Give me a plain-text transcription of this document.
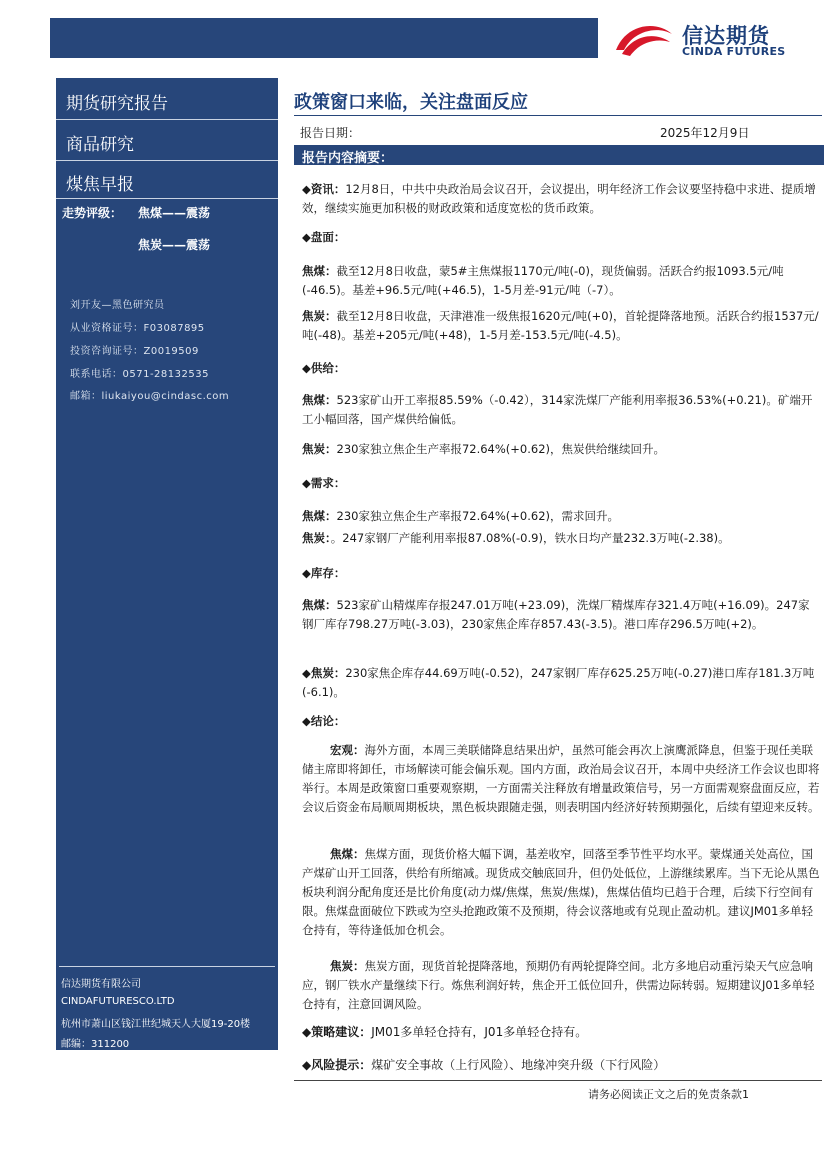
信达期货
CINDA FUTURES
期货研究报告
商品研究
煤焦早报
走势评级： 焦煤——震荡
焦炭——震荡
刘开友—黑色研究员
从业资格证号：F03087895
投资咨询证号：Z0019509
联系电话：0571-28132535
邮箱：liukaiyou@cindasc.com
信达期货有限公司
CINDAFUTURESCO.LTD
杭州市萧山区钱江世纪城天人大厦19-20楼
邮编：311200
政策窗口来临，关注盘面反应
报告日期：	2025年12月9日
报告内容摘要：
◆资讯：12月8日，中共中央政治局会议召开，会议提出，明年经济工作会议要坚持稳中求进、提质增效，继续实施更加积极的财政政策和适度宽松的货币政策。
◆盘面：
焦煤：截至12月8日收盘，蒙5#主焦煤报1170元/吨(-0)，现货偏弱。活跃合约报1093.5元/吨(-46.5)。基差+96.5元/吨(+46.5)，1-5月差-91元/吨（-7）。
焦炭：截至12月8日收盘，天津港准一级焦报1620元/吨(+0)，首轮提降落地预。活跃合约报1537元/吨(-48)。基差+205元/吨(+48)，1-5月差-153.5元/吨(-4.5)。
◆供给：
焦煤：523家矿山开工率报85.59%（-0.42），314家洗煤厂产能利用率报36.53%(+0.21)。矿端开工小幅回落，国产煤供给偏低。
焦炭：230家独立焦企生产率报72.64%(+0.62)，焦炭供给继续回升。
◆需求：
焦煤：230家独立焦企生产率报72.64%(+0.62)，需求回升。
焦炭：。247家钢厂产能利用率报87.08%(-0.9)，铁水日均产量232.3万吨(-2.38)。
◆库存：
焦煤：523家矿山精煤库存报247.01万吨(+23.09)，洗煤厂精煤库存321.4万吨(+16.09)。247家钢厂库存798.27万吨(-3.03)，230家焦企库存857.43(-3.5)。港口库存296.5万吨(+2)。
◆焦炭：230家焦企库存44.69万吨(-0.52)，247家钢厂库存625.25万吨(-0.27)港口库存181.3万吨(-6.1)。
◆结论：
宏观：海外方面，本周三美联储降息结果出炉，虽然可能会再次上演鹰派降息，但鉴于现任美联储主席即将卸任，市场解读可能会偏乐观。国内方面，政治局会议召开，本周中央经济工作会议也即将举行。本周是政策窗口重要观察期，一方面需关注释放有增量政策信号，另一方面需观察盘面反应，若会议后资金布局顺周期板块，黑色板块跟随走强，则表明国内经济好转预期强化，后续有望迎来反转。
焦煤：焦煤方面，现货价格大幅下调，基差收窄，回落至季节性平均水平。蒙煤通关处高位，国产煤矿山开工回落，供给有所缩减。现货成交触底回升，但仍处低位，上游继续累库。当下无论从黑色板块利润分配角度还是比价角度(动力煤/焦煤，焦炭/焦煤)，焦煤估值均已趋于合理，后续下行空间有限。焦煤盘面破位下跌或为空头抢跑政策不及预期，待会议落地或有兑现止盈动机。建议JM01多单轻仓持有，等待逢低加仓机会。
焦炭：焦炭方面，现货首轮提降落地，预期仍有两轮提降空间。北方多地启动重污染天气应急响应，钢厂铁水产量继续下行。炼焦利润好转，焦企开工低位回升，供需边际转弱。短期建议J01多单轻仓持有，注意回调风险。
◆策略建议：JM01多单轻仓持有，J01多单轻仓持有。
◆风险提示：煤矿安全事故（上行风险）、地缘冲突升级（下行风险）
请务必阅读正文之后的免责条款1
